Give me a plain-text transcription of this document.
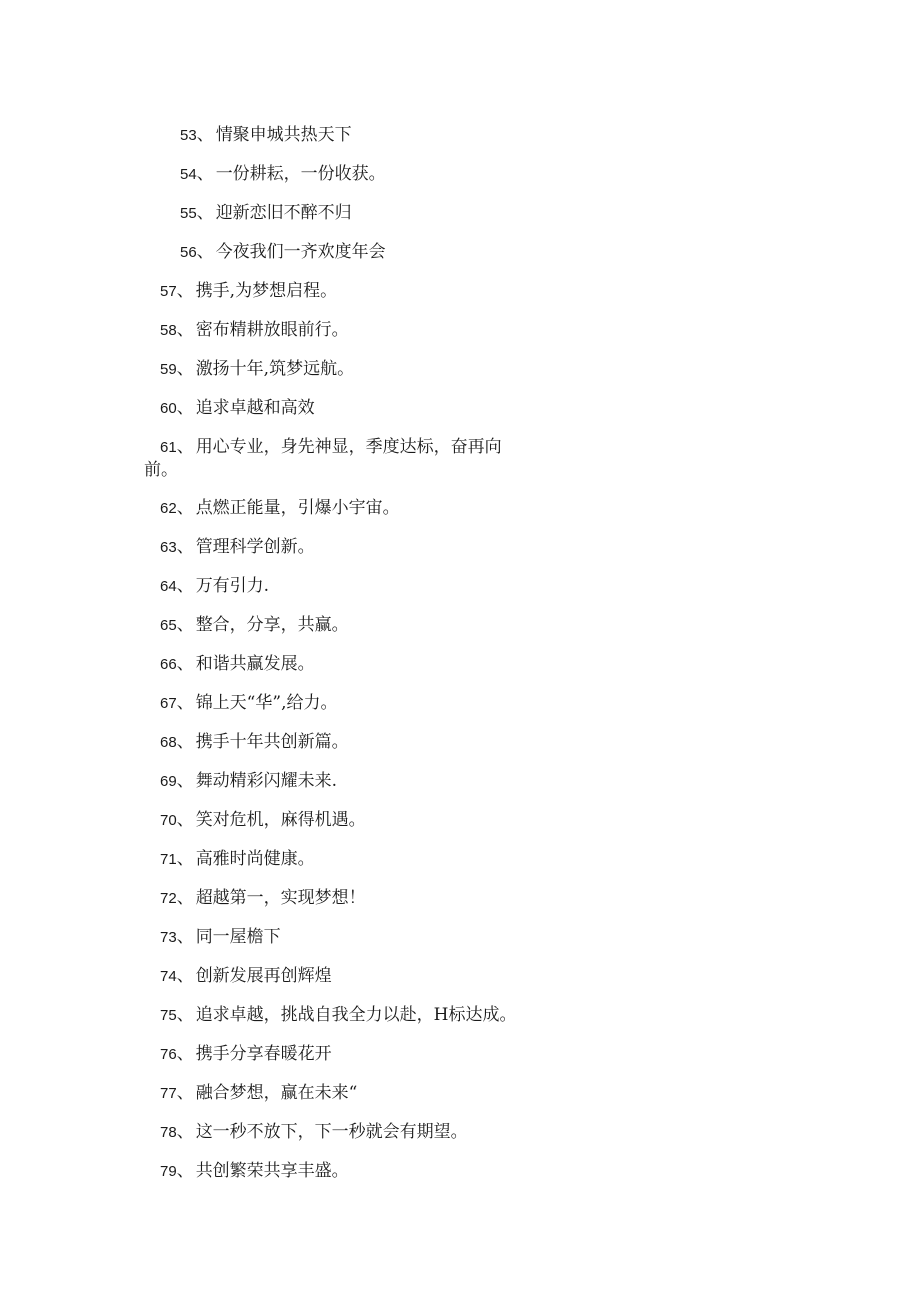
53、 情聚申城共热天下
54、 一份耕耘，一份收获。
55、 迎新恋旧不醉不归
56、 今夜我们一齐欢度年会
57、 携手,为梦想启程。
58、 密布精耕放眼前行。
59、 激扬十年,筑梦远航。
60、 追求卓越和高效
61、 用心专业，身先神显，季度达标，奋再向
前。
62、 点燃正能量，引爆小宇宙。
63、 管理科学创新。
64、 万有引力.
65、 整合，分享，共赢。
66、 和谐共赢发展。
67、 锦上天“华”,给力。
68、 携手十年共创新篇。
69、 舞动精彩闪耀未来.
70、 笑对危机，麻得机遇。
71、 高雅时尚健康。
72、 超越第一，实现梦想！
73、 同一屋檐下
74、 创新发展再创辉煌
75、 追求卓越，挑战自我全力以赴，H标达成。
76、 携手分享春暖花开
77、 融合梦想，赢在未来“
78、 这一秒不放下，下一秒就会有期望。
79、 共创繁荣共享丰盛。
